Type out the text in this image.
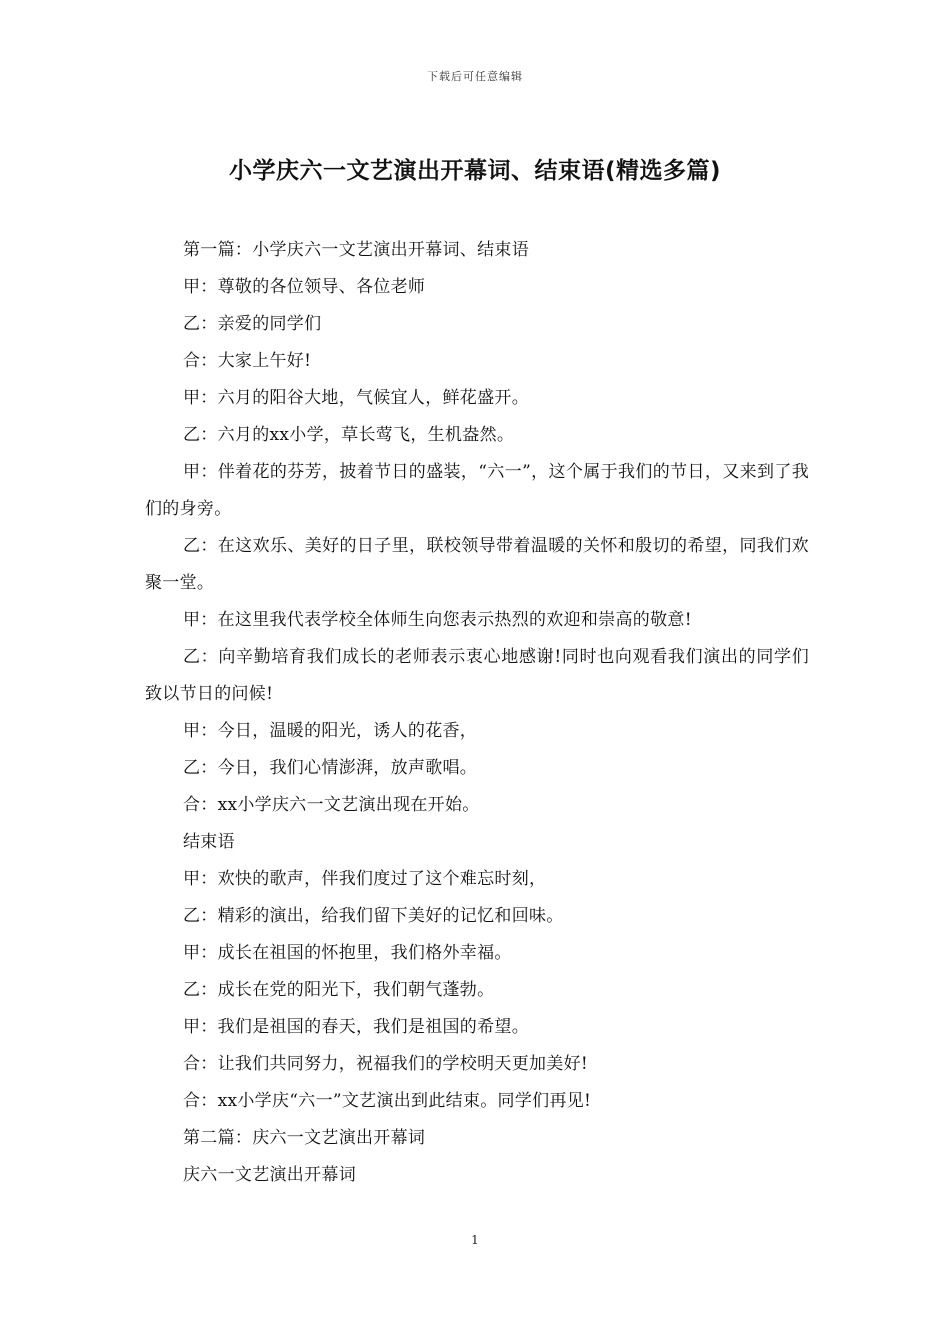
下载后可任意编辑
小学庆六一文艺演出开幕词、结束语(精选多篇)

第一篇：小学庆六一文艺演出开幕词、结束语

甲：尊敬的各位领导、各位老师

乙：亲爱的同学们

合：大家上午好!

甲：六月的阳谷大地，气候宜人，鲜花盛开。

乙：六月的xx小学，草长莺飞，生机盎然。

甲：伴着花的芬芳，披着节日的盛装，“六一”，这个属于我们的节日，又来到了我们的身旁。

乙：在这欢乐、美好的日子里，联校领导带着温暖的关怀和殷切的希望，同我们欢聚一堂。

甲：在这里我代表学校全体师生向您表示热烈的欢迎和崇高的敬意!

乙：向辛勤培育我们成长的老师表示衷心地感谢!同时也向观看我们演出的同学们致以节日的问候!

甲：今日，温暖的阳光，诱人的花香，

乙：今日，我们心情澎湃，放声歌唱。

合：xx小学庆六一文艺演出现在开始。

结束语

甲：欢快的歌声，伴我们度过了这个难忘时刻，

乙：精彩的演出，给我们留下美好的记忆和回味。

甲：成长在祖国的怀抱里，我们格外幸福。

乙：成长在党的阳光下，我们朝气蓬勃。

甲：我们是祖国的春天，我们是祖国的希望。

合：让我们共同努力，祝福我们的学校明天更加美好!

合：xx小学庆“六一”文艺演出到此结束。同学们再见!

第二篇：庆六一文艺演出开幕词

庆六一文艺演出开幕词

1
